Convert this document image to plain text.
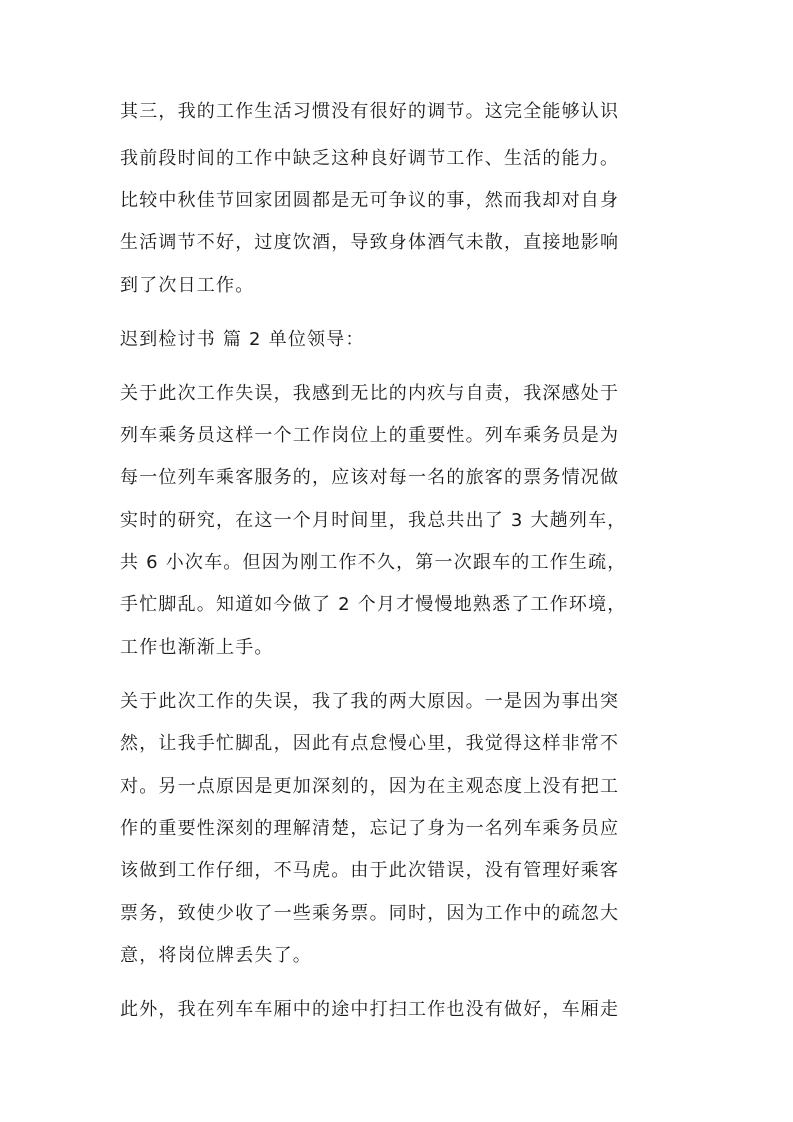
其三，我的工作生活习惯没有很好的调节。这完全能够认识
我前段时间的工作中缺乏这种良好调节工作、生活的能力。
比较中秋佳节回家团圆都是无可争议的事，然而我却对自身
生活调节不好，过度饮酒，导致身体酒气未散，直接地影响
到了次日工作。
迟到检讨书 篇 2 单位领导：
关于此次工作失误，我感到无比的内疚与自责，我深感处于
列车乘务员这样一个工作岗位上的重要性。列车乘务员是为
每一位列车乘客服务的，应该对每一名的旅客的票务情况做
实时的研究，在这一个月时间里，我总共出了 3 大趟列车，
共 6 小次车。但因为刚工作不久，第一次跟车的工作生疏，
手忙脚乱。知道如今做了 2 个月才慢慢地熟悉了工作环境，
工作也渐渐上手。
关于此次工作的失误，我了我的两大原因。一是因为事出突
然，让我手忙脚乱，因此有点怠慢心里，我觉得这样非常不
对。另一点原因是更加深刻的，因为在主观态度上没有把工
作的重要性深刻的理解清楚，忘记了身为一名列车乘务员应
该做到工作仔细，不马虎。由于此次错误，没有管理好乘客
票务，致使少收了一些乘务票。同时，因为工作中的疏忽大
意，将岗位牌丢失了。
此外，我在列车车厢中的途中打扫工作也没有做好，车厢走
